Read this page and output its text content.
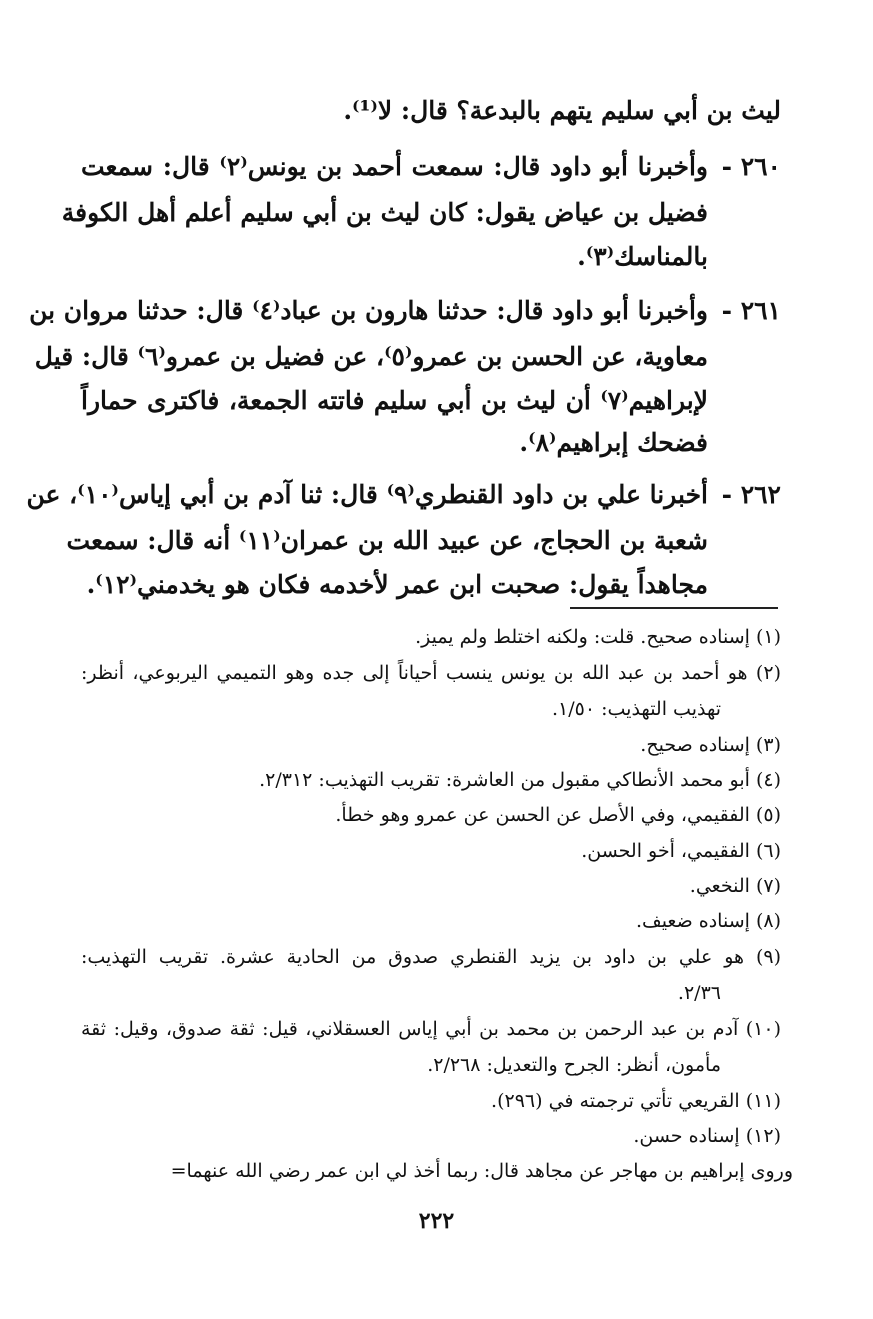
ليث بن أبي سليم يتهم بالبدعة؟ قال: لا⁽¹⁾.
٢٦٠ -
وأخبرنا أبو داود قال: سمعت أحمد بن يونس⁽٢⁾ قال: سمعت
فضيل بن عياض يقول: كان ليث بن أبي سليم أعلم أهل الكوفة
بالمناسك⁽٣⁾.
٢٦١ -
وأخبرنا أبو داود قال: حدثنا هارون بن عباد⁽٤⁾ قال: حدثنا مروان بن
معاوية، عن الحسن بن عمرو⁽٥⁾، عن فضيل بن عمرو⁽٦⁾ قال: قيل
لإبراهيم⁽٧⁾ أن ليث بن أبي سليم فاتته الجمعة، فاكترى حماراً
فضحك إبراهيم⁽٨⁾.
٢٦٢ -
أخبرنا علي بن داود القنطري⁽٩⁾ قال: ثنا آدم بن أبي إياس⁽١٠⁾، عن
شعبة بن الحجاج، عن عبيد الله بن عمران⁽١١⁾ أنه قال: سمعت
مجاهداً يقول: صحبت ابن عمر لأخدمه فكان هو يخدمني⁽١٢⁾.
(١) إسناده صحيح. قلت: ولكنه اختلط ولم يميز.
(٢) هو أحمد بن عبد الله بن يونس ينسب أحياناً إلى جده وهو التميمي اليربوعي، أنظر:
تهذيب التهذيب: ١/٥٠.
(٣) إسناده صحيح.
(٤) أبو محمد الأنطاكي مقبول من العاشرة: تقريب التهذيب: ٢/٣١٢.
(٥) الفقيمي، وفي الأصل عن الحسن عن عمرو وهو خطأ.
(٦) الفقيمي، أخو الحسن.
(٧) النخعي.
(٨) إسناده ضعيف.
(٩) هو علي بن داود بن يزيد القنطري صدوق من الحادية عشرة. تقريب التهذيب:
٢/٣٦.
(١٠) آدم بن عبد الرحمن بن محمد بن أبي إياس العسقلاني، قيل: ثقة صدوق، وقيل: ثقة
مأمون، أنظر: الجرح والتعديل: ٢/٢٦٨.
(١١) القريعي تأتي ترجمته في (٢٩٦).
(١٢) إسناده حسن.
وروى إبراهيم بن مهاجر عن مجاهد قال: ربما أخذ لي ابن عمر رضي الله عنهما=
٢٢٢
